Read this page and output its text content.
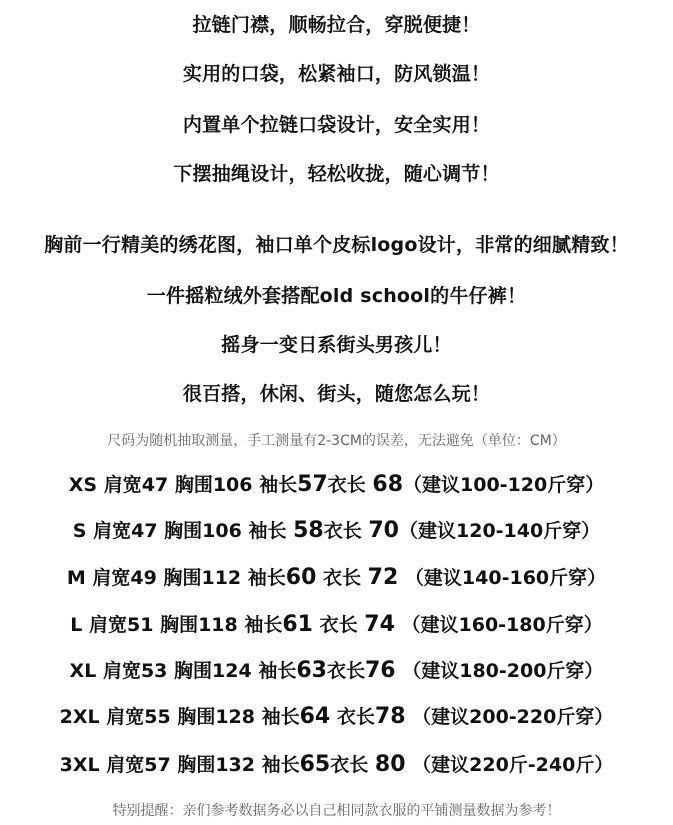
拉链门襟，顺畅拉合，穿脱便捷！
实用的口袋，松紧袖口，防风锁温！
内置单个拉链口袋设计，安全实用！
下摆抽绳设计，轻松收拢，随心调节！
胸前一行精美的绣花图，袖口单个皮标logo设计，非常的细腻精致！
一件摇粒绒外套搭配old school的牛仔裤！
摇身一变日系街头男孩儿！
很百搭，休闲、街头，随您怎么玩！
尺码为随机抽取测量，手工测量有2-3CM的误差，无法避免（单位：CM）
XS 肩宽47 胸围106 袖长57衣长 68（建议100-120斤穿）
S 肩宽47 胸围106 袖长 58衣长 70（建议120-140斤穿）
M 肩宽49 胸围112 袖长60 衣长 72 （建议140-160斤穿）
L 肩宽51 胸围118 袖长61 衣长 74 （建议160-180斤穿）
XL 肩宽53 胸围124 袖长63衣长76 （建议180-200斤穿）
2XL 肩宽55 胸围128 袖长64 衣长78 （建议200-220斤穿）
3XL 肩宽57 胸围132 袖长65衣长 80 （建议220斤-240斤）
特别提醒：亲们参考数据务必以自己相同款衣服的平铺测量数据为参考！
